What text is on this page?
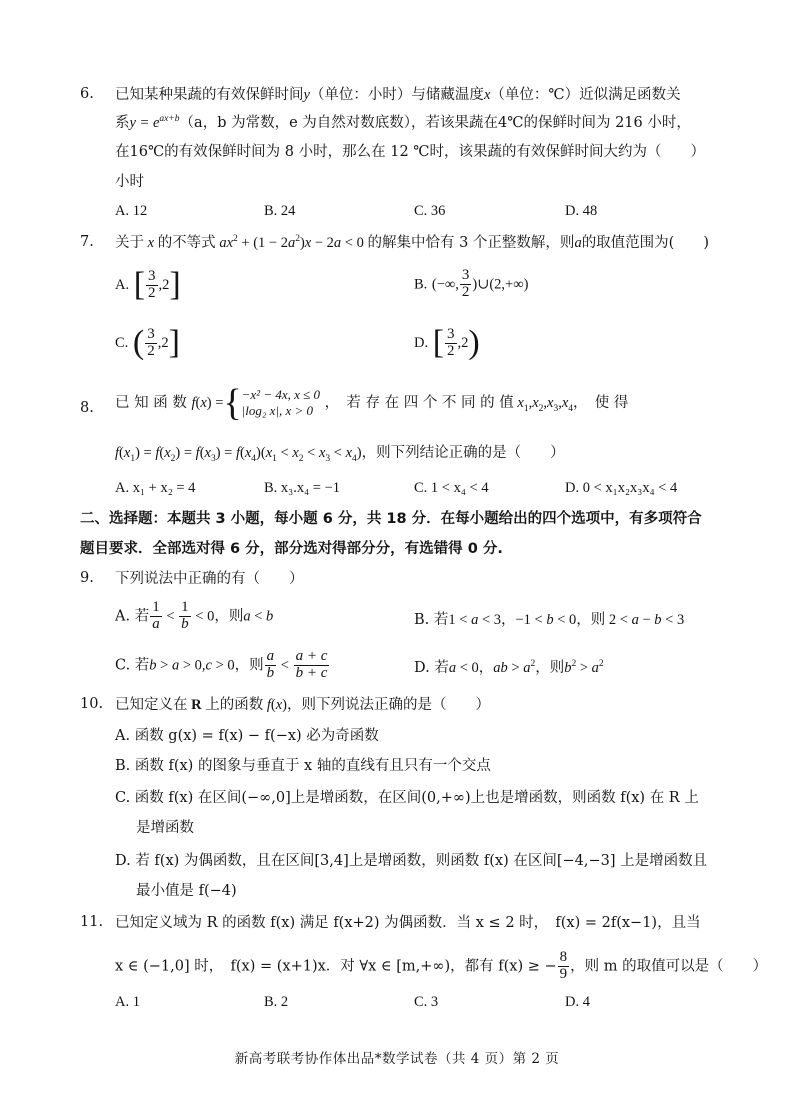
6. 已知某种果蔬的有效保鲜时间y（单位：小时）与储藏温度x（单位：℃）近似满足函数关
系$y = e^{ax+b}(a$，b 为常数，e 为自然对数底数），若该果蔬在4℃的保鲜时间为 216 小时，
在16℃的有效保鲜时间为 8 小时，那么在 12 ℃时，该果蔬的有效保鲜时间大约为（　　）
小时
A. 12	B. 24	C. 36	D. 48
7. 关于 x 的不等式 $ax^2 + (1 - 2a^2)x - 2a < 0$ 的解集中恰有 3 个正整数解，则a的取值范围为(　　)
A. [ $\frac{3}{2} ,2$]	B. (−∞, $\frac{3}{2}$ )∪(2,+∞)
C. ( $\frac{3}{2} ,2$]	D. [ $\frac{3}{2} ,2$)
8. 已 知 函 数 f(x) ={−x² − 4x, x ≤ 0
|log₂ x|, x > 0 ，　若 存 在 四 个 不 同 的 值 $x_1,x_2,x_3,x_4$，　使 得
$f(x_1) = f(x_2) = f(x_3) = f(x_4)(x_1 < x_2 < x_3 < x_4)$，则下列结论正确的是（　　）
A. x₁ + x₂ = 4	B. x₃.x₄ = −1	C. 1 < x₄ < 4	D. 0 < x₁x₂x₃x₄ < 4
二、选择题：本题共 3 小题，每小题 6 分，共 18 分．在每小题给出的四个选项中，有多项符合
题目要求．全部选对得 6 分，部分选对得部分分，有选错得 0 分.
9. 下列说法中正确的有（　　）
A. 若 $\frac{1}{a} < \frac{1}{b} < 0$，则a < b	B. 若1 < a < 3，−1 < b < 0，则 2 < a − b < 3
C. 若b > a > 0,c > 0，则 $\frac{a}{b} < \frac{a + c}{b + c}$	D. 若a < 0，ab > $a^2$，则$b^2 > a^2$
10. 已知定义在 R 上的函数 f(x)，则下列说法正确的是（　　）
A. 函数 g(x) = f(x) − f(−x) 必为奇函数
B. 函数 f(x) 的图象与垂直于 x 轴的直线有且只有一个交点
C. 函数 f(x) 在区间(−∞,0]上是增函数，在区间(0,+∞)上也是增函数，则函数 f(x) 在 R 上
是增函数
D. 若 f(x) 为偶函数，且在区间[3,4]上是增函数，则函数 f(x) 在区间[−4,−3] 上是增函数且
最小值是 f(−4)
11. 已知定义域为 R 的函数 f(x) 满足 f(x+2) 为偶函数．当 x ≤ 2 时，　f(x) = 2f(x−1)，且当
x ∈ (−1,0] 时，　f(x) = (x+1)x．对 ∀x ∈ [m,+∞)，都有 f(x) ≥ − $\frac{8}{9}$ ，则 m 的取值可以是（　　）
A. 1	B. 2	C. 3	D. 4
新高考联考协作体出品*数学试卷（共 4 页）第 2 页
